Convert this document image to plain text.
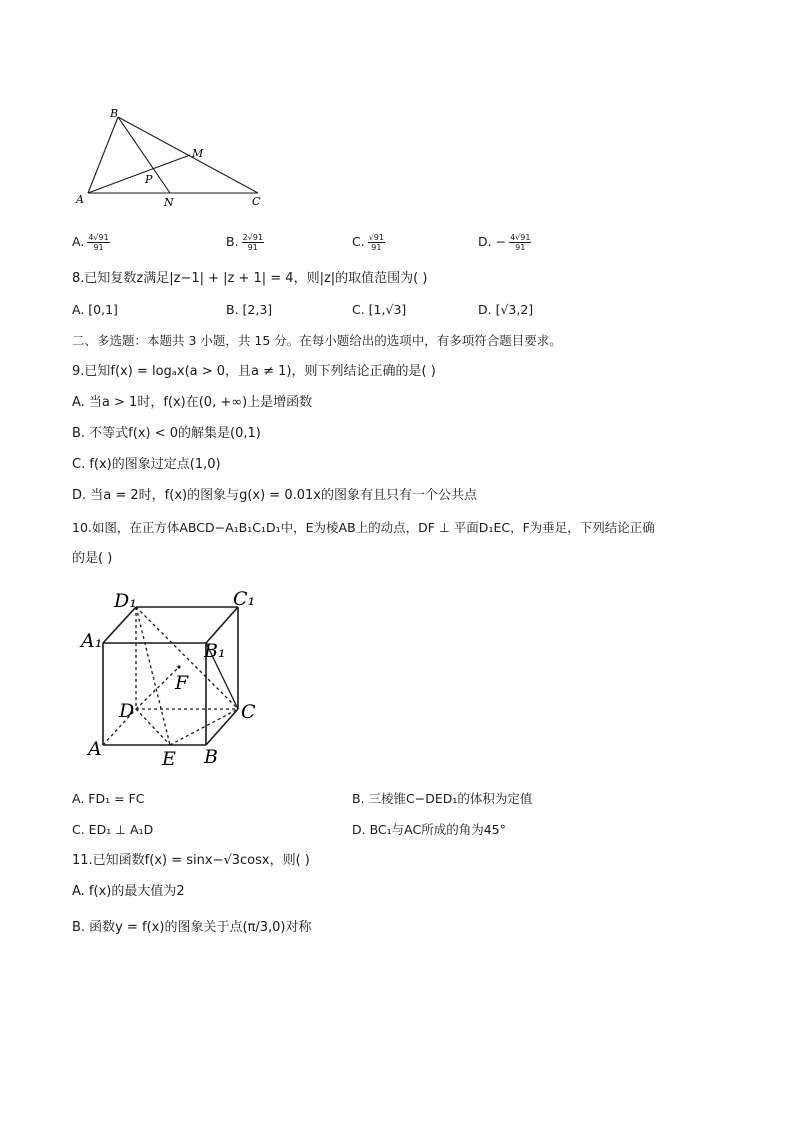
B
M
P
A	N	C
A. $\frac{4√91}{91}$	B. $\frac{2√91}{91}$	C. $\frac{√91}{91}$	D. − $\frac{4√91}{91}$
8.已知复数z满足|z−1| + |z + 1| = 4，则|z|的取值范围为( )
A. [0,1]	B. [2,3]	C. [1,√3]	D. [√3,2]
二、多选题：本题共 3 小题，共 15 分。在每小题给出的选项中，有多项符合题目要求。
9.已知f(x) = logₐx(a > 0，且a ≠ 1)，则下列结论正确的是( )
A. 当a > 1时，f(x)在(0, +∞)上是增函数
B. 不等式f(x) < 0的解集是(0,1)
C. f(x)的图象过定点(1,0)
D. 当a = 2时，f(x)的图象与g(x) = 0.01x的图象有且只有一个公共点
10.如图，在正方体ABCD−A₁B₁C₁D₁中，E为棱AB上的动点，DF ⊥ 平面D₁EC，F为垂足，下列结论正确
的是( )
D₁	C₁
A₁	B₁
F
D	C
A	E B
A. FD₁ = FC	B. 三棱锥C−DED₁的体积为定值
C. ED₁ ⊥ A₁D	D. BC₁与AC所成的角为45°
11.已知函数f(x) = sinx−√3cosx，则( )
A. f(x)的最大值为2
B. 函数y = f(x)的图象关于点(π/3,0)对称
